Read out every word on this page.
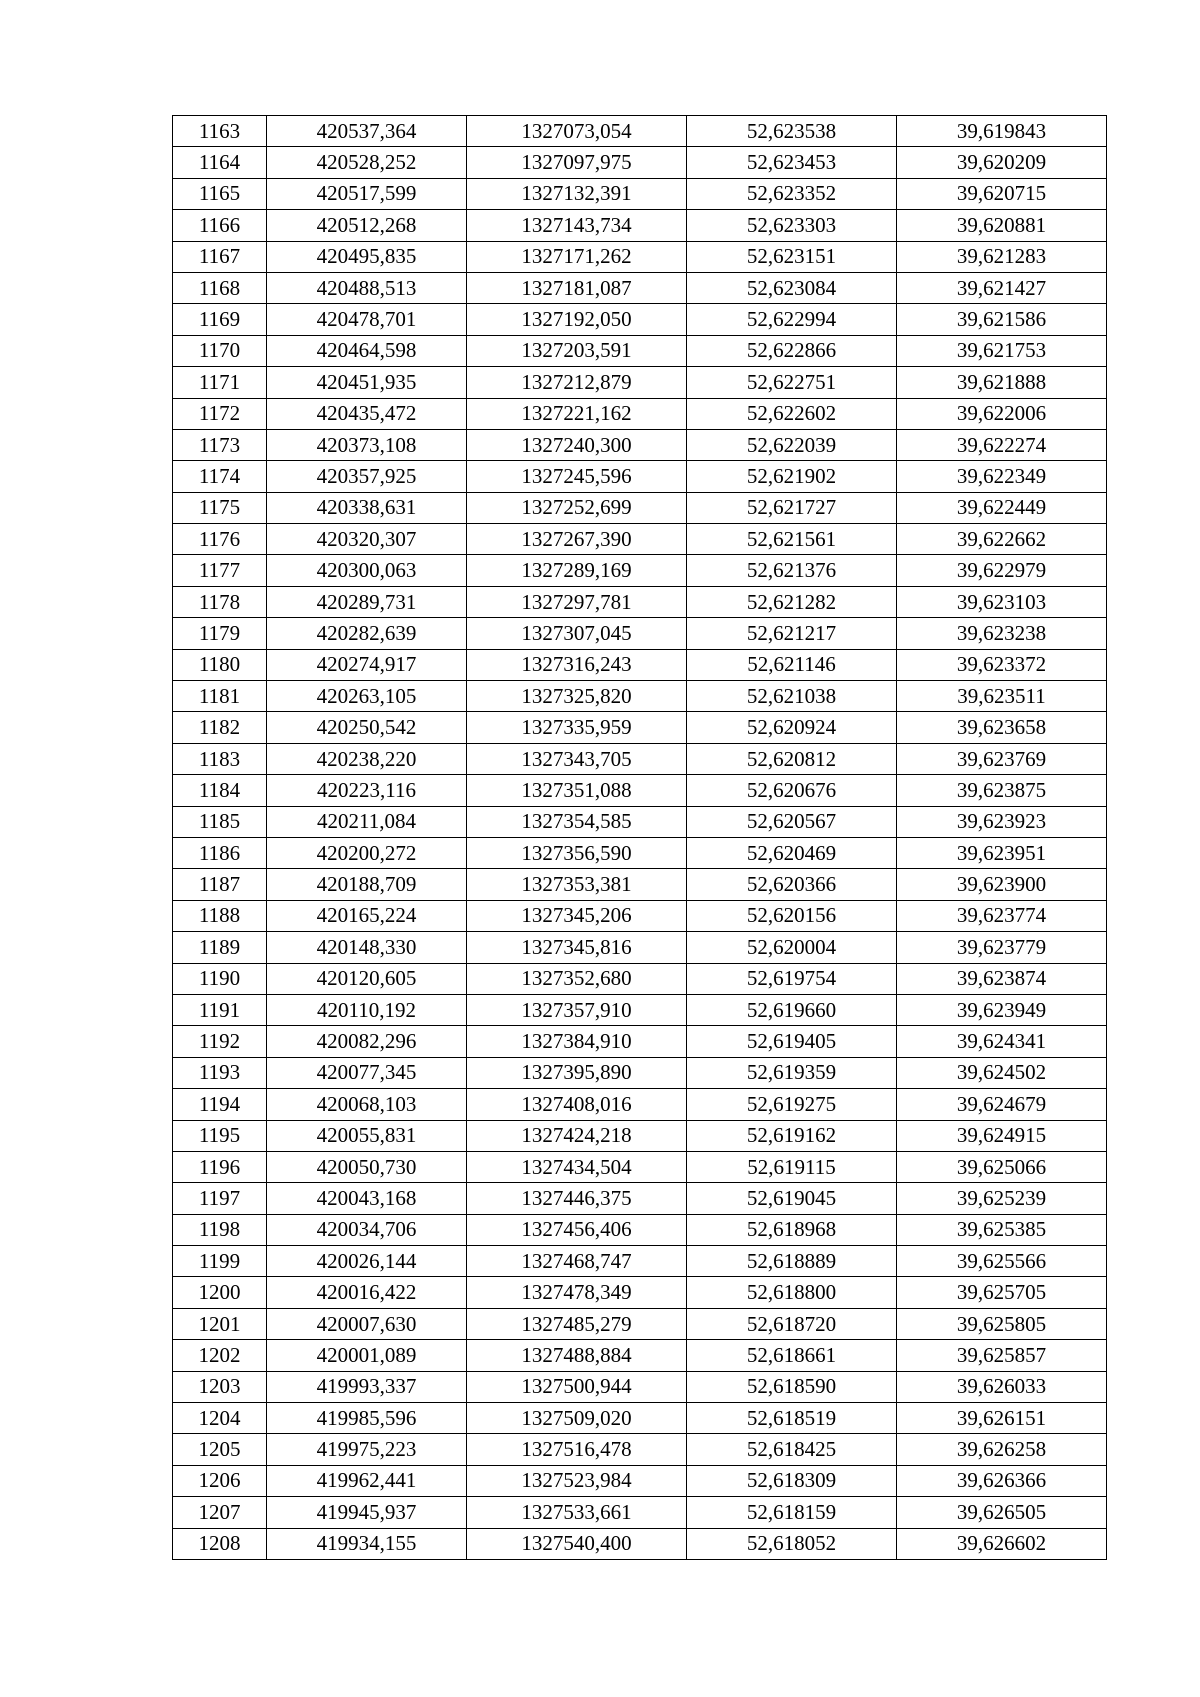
1163	420537,364	1327073,054	52,623538	39,619843
1164	420528,252	1327097,975	52,623453	39,620209
1165	420517,599	1327132,391	52,623352	39,620715
1166	420512,268	1327143,734	52,623303	39,620881
1167	420495,835	1327171,262	52,623151	39,621283
1168	420488,513	1327181,087	52,623084	39,621427
1169	420478,701	1327192,050	52,622994	39,621586
1170	420464,598	1327203,591	52,622866	39,621753
1171	420451,935	1327212,879	52,622751	39,621888
1172	420435,472	1327221,162	52,622602	39,622006
1173	420373,108	1327240,300	52,622039	39,622274
1174	420357,925	1327245,596	52,621902	39,622349
1175	420338,631	1327252,699	52,621727	39,622449
1176	420320,307	1327267,390	52,621561	39,622662
1177	420300,063	1327289,169	52,621376	39,622979
1178	420289,731	1327297,781	52,621282	39,623103
1179	420282,639	1327307,045	52,621217	39,623238
1180	420274,917	1327316,243	52,621146	39,623372
1181	420263,105	1327325,820	52,621038	39,623511
1182	420250,542	1327335,959	52,620924	39,623658
1183	420238,220	1327343,705	52,620812	39,623769
1184	420223,116	1327351,088	52,620676	39,623875
1185	420211,084	1327354,585	52,620567	39,623923
1186	420200,272	1327356,590	52,620469	39,623951
1187	420188,709	1327353,381	52,620366	39,623900
1188	420165,224	1327345,206	52,620156	39,623774
1189	420148,330	1327345,816	52,620004	39,623779
1190	420120,605	1327352,680	52,619754	39,623874
1191	420110,192	1327357,910	52,619660	39,623949
1192	420082,296	1327384,910	52,619405	39,624341
1193	420077,345	1327395,890	52,619359	39,624502
1194	420068,103	1327408,016	52,619275	39,624679
1195	420055,831	1327424,218	52,619162	39,624915
1196	420050,730	1327434,504	52,619115	39,625066
1197	420043,168	1327446,375	52,619045	39,625239
1198	420034,706	1327456,406	52,618968	39,625385
1199	420026,144	1327468,747	52,618889	39,625566
1200	420016,422	1327478,349	52,618800	39,625705
1201	420007,630	1327485,279	52,618720	39,625805
1202	420001,089	1327488,884	52,618661	39,625857
1203	419993,337	1327500,944	52,618590	39,626033
1204	419985,596	1327509,020	52,618519	39,626151
1205	419975,223	1327516,478	52,618425	39,626258
1206	419962,441	1327523,984	52,618309	39,626366
1207	419945,937	1327533,661	52,618159	39,626505
1208	419934,155	1327540,400	52,618052	39,626602
